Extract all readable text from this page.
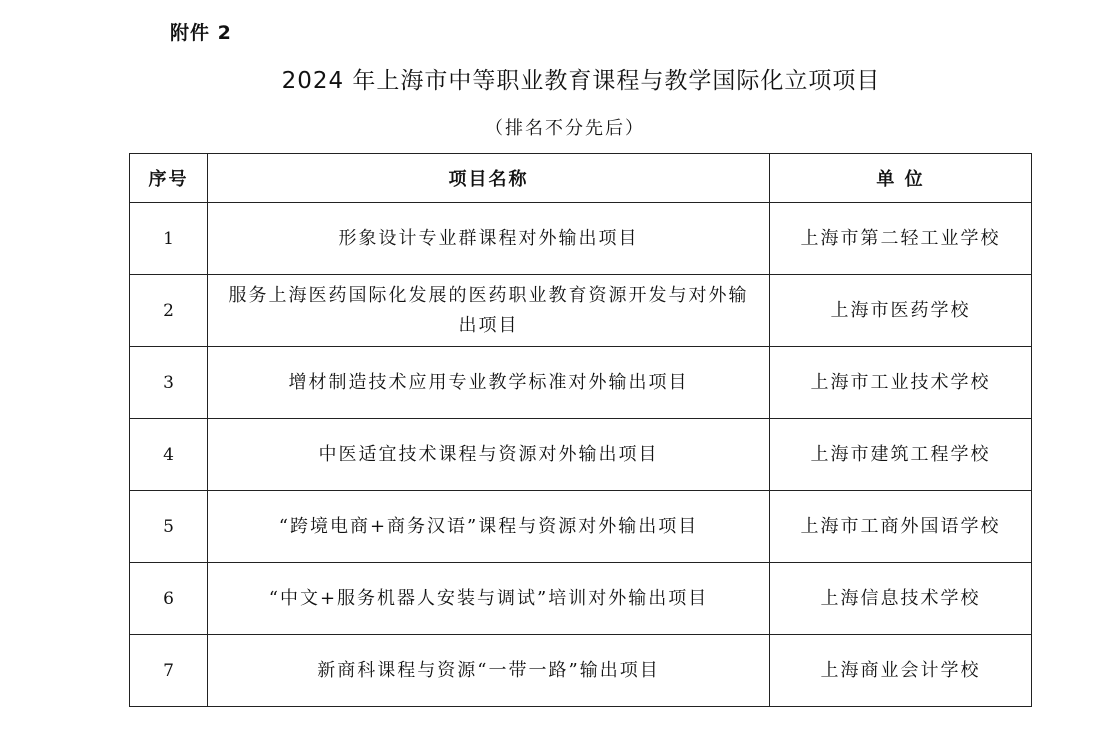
附件 2
2024 年上海市中等职业教育课程与教学国际化立项项目
（排名不分先后）
序号	项目名称	单 位
1	形象设计专业群课程对外输出项目	上海市第二轻工业学校
2	服务上海医药国际化发展的医药职业教育资源开发与对外输出项目	上海市医药学校
3	增材制造技术应用专业教学标准对外输出项目	上海市工业技术学校
4	中医适宜技术课程与资源对外输出项目	上海市建筑工程学校
5	“跨境电商+商务汉语”课程与资源对外输出项目	上海市工商外国语学校
6	“中文+服务机器人安装与调试”培训对外输出项目	上海信息技术学校
7	新商科课程与资源“一带一路”输出项目	上海商业会计学校
